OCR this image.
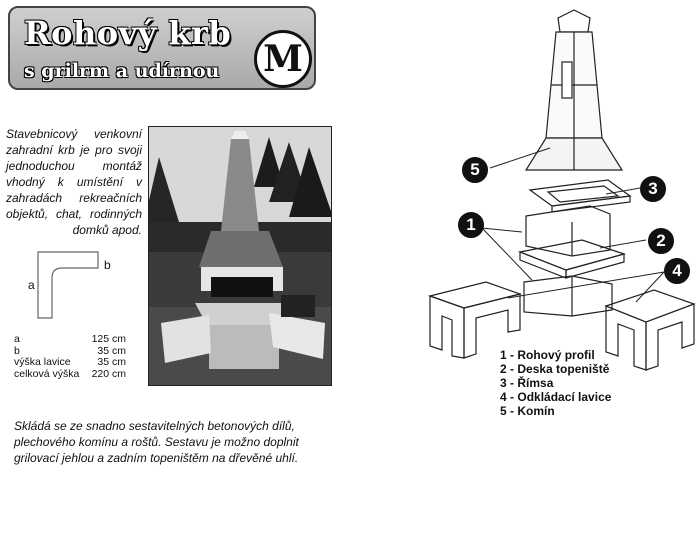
Rohový krb
s grilrm a udírnou M
Stavebnicový venkovní zahradní krb je pro svoji jednoduchou montáž vhodný k umístění v zahradách rekreačních objektů, chat, rodinných domků apod.
a
b
a	125 cm
b	35 cm
výška lavice	35 cm
celková výška 220 cm
Skládá se ze snadno sestavitelných betonových dílů, plechového komínu a roštů. Sestavu je možno doplnit grilovací jehlou a zadním topeništěm na dřevěné uhlí.
5
3
1
2
4
1 - Rohový profil
2 - Deska topeniště
3 - Římsa
4 - Odkládací lavice
5 - Komín
